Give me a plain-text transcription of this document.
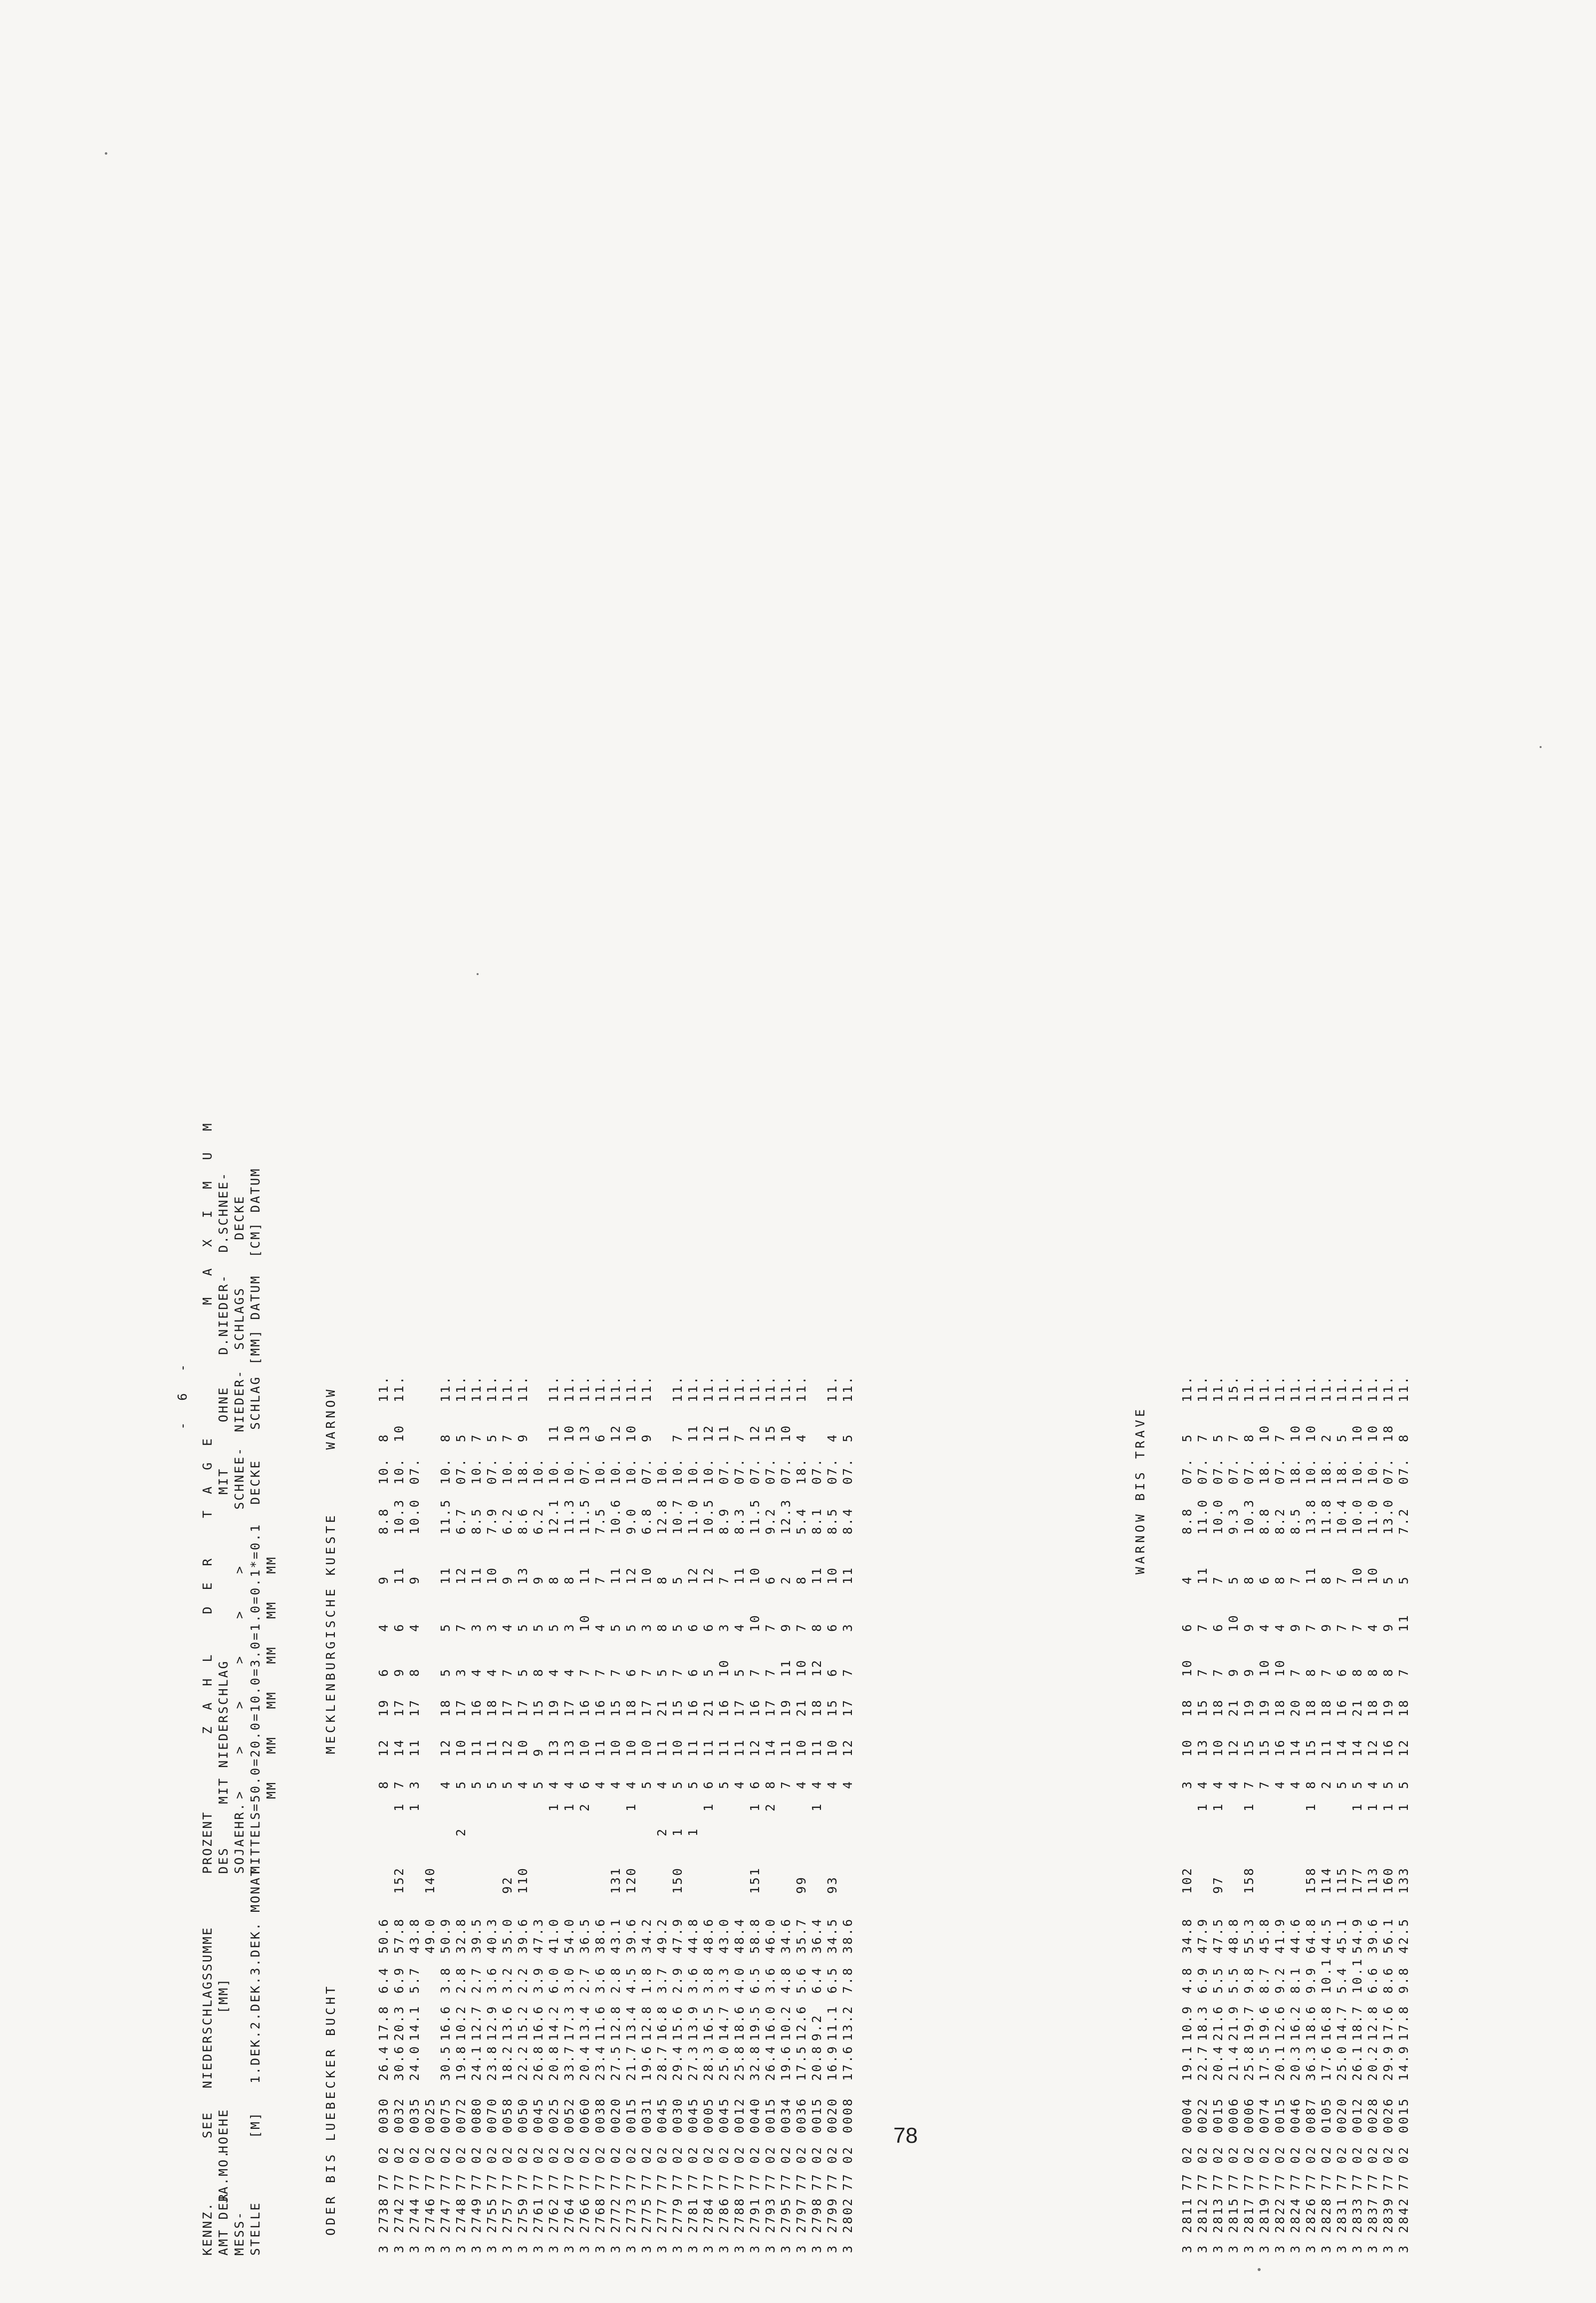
- 6 -
KENNZ. AMT DER MESS- STELLE
JA.MO.
SEE HOEHE [M]
NIEDERSCHLAGSSUMME [MM] 1.DEK.2.DEK.3.DEK. MONAT
PROZENT DES SOJAEHR. MITTELS
Z A H L   D E R   T A G E MIT NIEDERSCHLAG >    >    >    >    >    > =50.0=20.0=10.0=3.0=1.0=0.1*=0.1 MM   MM   MM   MM   MM   MM
MIT SCHNEE- DECKE
OHNE NIEDER- SCHLAG
M A X I M U M
D.NIEDER- SCHLAGS [MM] DATUM
D.SCHNEE- DECKE [CM] DATUM
ODER BIS LUEBECKER BUCHT
MECKLENBURGISCHE KUESTE
WARNOW	WARNOW BIS TRAVE
3
2738
77 02
0030
26.4
17.8
6.4
50.6
8
12
19
6
4
9
8.8
10.
8
11.
3
2742
77 02
0032
30.6
20.3
6.9
57.8
152
1
7
14
17
9
6
11
10.3
10.
10
11.
3
2744
77 02
0035
24.0
14.1
5.7
43.8
1
3
11
17
8
4
9
10.0
07.
3
2746
77 02
0025
49.0
140
3
2747
77 02
0075
30.5
16.6
3.8
50.9
4
12
18
5
5
11
11.5
10.
8
11.
3
2748
77 02
0072
19.8
10.2
2.8
32.8
2
5
10
17
3
7
12
6.7
07.
5
11.
3
2749
77 02
0080
24.1
12.7
2.7
39.5
5
11
16
4
3
11
8.5
10.
7
11.
3
2755
77 02
0070
23.8
12.9
3.6
40.3
5
11
18
4
3
10
7.9
07.
5
11.
3
2757
77 02
0058
18.2
13.6
3.2
35.0
92
5
12
17
7
4
9
6.2
10.
7
11.
3
2759
77 02
0050
22.2
15.2
2.2
39.6
110
4
10
17
5
5
13
8.6
18.
9
11.
3
2761
77 02
0045
26.8
16.6
3.9
47.3
5
9
15
8
5
9
6.2
10.
3
2762
77 02
0025
20.8
14.2
6.0
41.0
1
4
13
19
4
5
8
12.1
10.
11
11.
3
2764
77 02
0052
33.7
17.3
3.0
54.0
1
4
13
17
4
3
8
11.3
10.
10
11.
3
2766
77 02
0060
20.4
13.4
2.7
36.5
2
6
10
16
7
10
11
11.5
07.
13
11.
3
2768
77 02
0038
23.4
11.6
3.6
38.6
4
11
16
7
4
7
7.5
10.
6
11.
3
2772
77 02
0020
27.5
12.8
2.8
43.1
131
4
10
15
7
5
11
10.6
10.
12
11.
3
2773
77 02
0015
21.7
13.4
4.5
39.6
120
1
4
10
18
6
5
12
9.0
10.
10
11.
3
2775
77 02
0031
19.6
12.8
1.8
34.2
5
10
17
7
3
10
6.8
07.
9
11.
3
2777
77 02
0045
28.7
16.8
3.7
49.2
2
4
11
21
5
8
8
12.8
10.
3
2779
77 02
0030
29.4
15.6
2.9
47.9
150
1
5
10
15
7
5
5
10.7
10.
7
11.
3
2781
77 02
0045
27.3
13.9
3.6
44.8
1
5
11
16
6
6
12
11.0
10.
11
11.
3
2784
77 02
0005
28.3
16.5
3.8
48.6
1
6
11
21
5
6
12
10.5
10.
12
11.
3
2786
77 02
0045
25.0
14.7
3.3
43.0
5
11
16
10
3
7
8.9
07.
11
11.
3
2788
77 02
0012
25.8
18.6
4.0
48.4
4
11
17
5
4
11
8.3
07.
7
11.
3
2791
77 02
0040
32.8
19.5
6.5
58.8
151
1
6
12
16
7
10
10
11.5
07.
12
11.
3
2793
77 02
0015
26.4
16.0
3.6
46.0
2
8
14
17
7
7
6
9.2
07.
15
11.
3
2795
77 02
0034
19.6
10.2
4.8
34.6
7
11
19
11
9
2
12.3
07.
10
11.
3
2797
77 02
0036
17.5
12.6
5.6
35.7
99
4
10
21
10
7
8
5.4
18.
4
11.
3
2798
77 02
0015
20.8
9.2
6.4
36.4
1
4
11
18
12
8
11
8.1
07.
3
2799
77 02
0020
16.9
11.1
6.5
34.5
93
4
10
15
6
6
10
8.5
07.
4
11.
3
2802
77 02
0008
17.6
13.2
7.8
38.6
4
12
17
7
3
11
8.4
07.
5
11.
3
2811
77 02
0004
19.1
10.9
4.8
34.8
102
3
10
18
10
6
4
8.8
07.
5
11.
3
2812
77 02
0022
22.7
18.3
6.9
47.9
1
4
13
15
7
7
11
11.0
07.
7
11.
3
2813
77 02
0015
20.4
21.6
5.5
47.5
97
1
4
10
18
7
6
7
10.0
07.
5
11.
3
2815
77 02
0006
21.4
21.9
5.5
48.8
4
12
21
9
10
5
9.3
07.
7
15.
3
2817
77 02
0006
25.8
19.7
9.8
55.3
158
1
7
15
19
9
9
8
10.3
07.
8
11.
3
2819
77 02
0074
17.5
19.6
8.7
45.8
7
15
19
10
4
6
8.8
18.
10
11.
3
2822
77 02
0015
20.1
12.6
9.2
41.9
4
16
18
10
4
8
8.2
07.
7
11.
3
2824
77 02
0046
20.3
16.2
8.1
44.6
4
14
20
7
9
7
8.5
18.
10
11.
3
2826
77 02
0087
36.3
18.6
9.9
64.8
158
1
8
15
18
8
7
11
13.8
10.
10
11.
3
2828
77 02
0105
17.6
16.8
10.1
44.5
114
2
11
18
7
9
8
11.8
18.
2
11.
3
2831
77 02
0020
25.0
14.7
5.4
45.1
115
5
14
16
6
7
7
10.4
18.
5
11.
3
2833
77 02
0012
26.1
18.7
10.1
54.9
177
1
5
14
21
8
7
10
10.0
10.
10
11.
3
2837
77 02
0028
20.2
12.8
6.6
39.6
113
1
4
12
18
8
4
10
11.0
10.
10
11.
3
2839
77 02
0026
29.9
17.6
8.6
56.1
160
1
5
16
19
8
9
5
13.0
07.
18
11.
3
2842
77 02
0015
14.9
17.8
9.8
42.5
133
1
5
12
18
7
11
5
7.2
07.
8
11.
78
